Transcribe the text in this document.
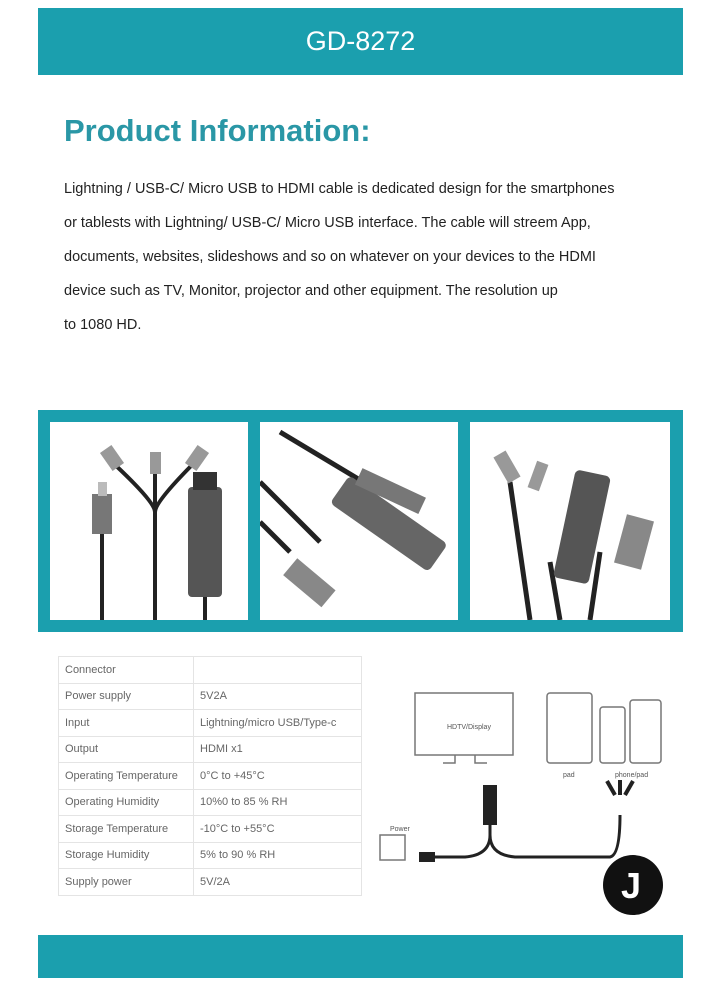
GD-8272
Product Information:
Lightning / USB-C/ Micro USB to HDMI cable is dedicated design for the smartphones
or tablests with Lightning/ USB-C/ Micro USB interface. The cable will streem App,
documents, websites, slideshows and so on whatever on your devices to the HDMI
device such as TV, Monitor, projector and other equipment. The resolution up
to 1080 HD.
Connector	
Power supply	5V2A
Input	Lightning/micro USB/Type-c
Output	HDMI x1
Operating Temperature	0°C to +45°C
Operating Humidity	10%0 to 85 % RH
Storage Temperature	-10°C to +55°C
Storage Humidity	5% to 90 % RH
Supply power	5V/2A
HDTV/Display
pad	phone/pad
Power
J
